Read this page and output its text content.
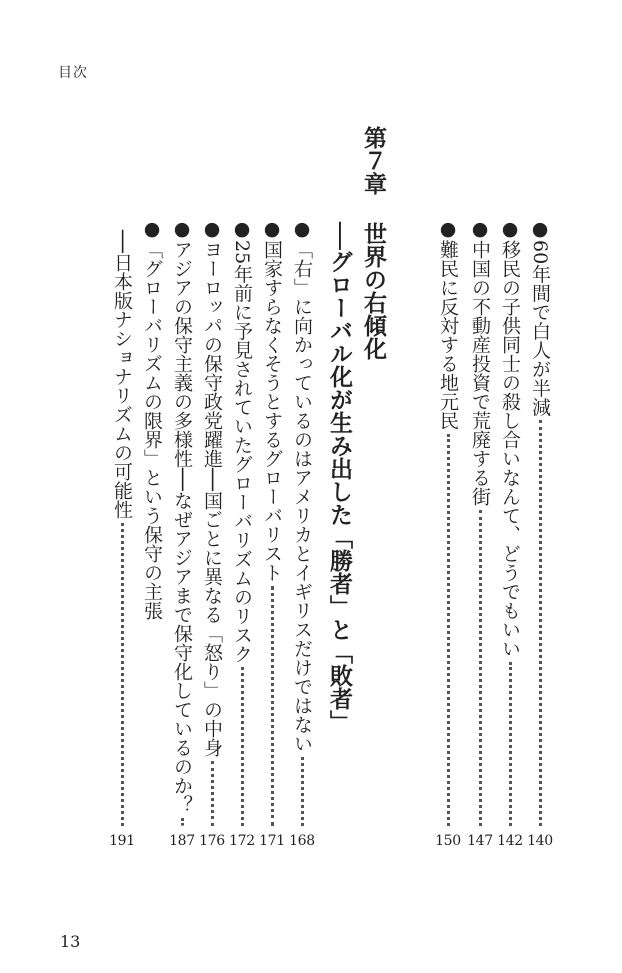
目次
●60年間で白人が半減
140
●移民の子供同士の殺し合いなんて、どうでもいい
142
●中国の不動産投資で荒廃する街
147
●難民に反対する地元民
150
第７章
世界の右傾化
──グローバル化が生み出した「勝者」と「敗者」
●「右」に向かっているのはアメリカとイギリスだけではない
168
●国家すらなくそうとするグローバリスト
171
●25年前に予見されていたグローバリズムのリスク
172
●ヨーロッパの保守政党躍進──国ごとに異なる「怒り」の中身
176
●アジアの保守主義の多様性──なぜアジアまで保守化しているのか？
187
●「グローバリズムの限界」という保守の主張
──日本版ナショナリズムの可能性
191
13
